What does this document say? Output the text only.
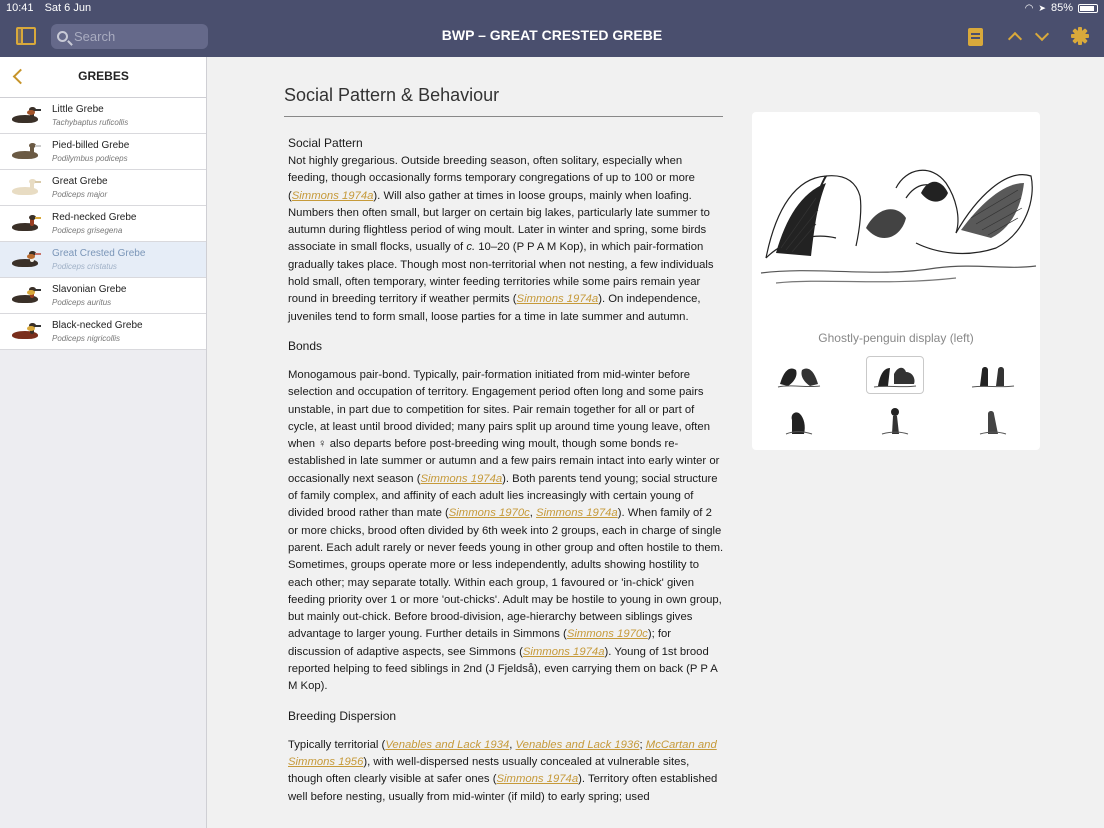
10:41 Sat 6 Jun	◠ ➤ 85%
Search
BWP – GREAT CRESTED GREBE
GREBES
Little Grebe
Tachybaptus ruficollis
Pied-billed Grebe
Podilymbus podiceps
Great Grebe
Podiceps major
Red-necked Grebe
Podiceps grisegena
Great Crested Grebe
Podiceps cristatus
Slavonian Grebe
Podiceps auritus
Black-necked Grebe
Podiceps nigricollis
Social Pattern & Behaviour
Social Pattern

Not highly gregarious. Outside breeding season, often solitary, especially when feeding, though occasionally forms temporary congregations of up to 100 or more (Simmons 1974a). Will also gather at times in loose groups, mainly when loafing. Numbers then often small, but larger on certain big lakes, particularly late summer to autumn during flightless period of wing moult. Later in winter and spring, some birds associate in small flocks, usually of c. 10–20 (P P A M Kop), in which pair-formation gradually takes place. Though most non-territorial when not nesting, a few individuals hold small, often temporary, winter feeding territories while some pairs remain year round in breeding territory if weather permits (Simmons 1974a). On independence, juveniles tend to form small, loose parties for a time in late summer and autumn.

Bonds

Monogamous pair-bond. Typically, pair-formation initiated from mid-winter before selection and occupation of territory. Engagement period often long and some pairs unstable, in part due to competition for sites. Pair remain together for all or part of cycle, at least until brood divided; many pairs split up around time young leave, often when ♀ also departs before post-breeding wing moult, though some bonds re-established in late summer or autumn and a few pairs remain intact into early winter or occasionally next season (Simmons 1974a). Both parents tend young; social structure of family complex, and affinity of each adult lies increasingly with certain young of divided brood rather than mate (Simmons 1970c, Simmons 1974a). When family of 2 or more chicks, brood often divided by 6th week into 2 groups, each in charge of single parent. Each adult rarely or never feeds young in other group and often hostile to them. Sometimes, groups operate more or less independently, adults showing hostility to each other; may separate totally. Within each group, 1 favoured or 'in-chick' given feeding priority over 1 or more 'out-chicks'. Adult may be hostile to young in own group, but mainly out-chick. Before brood-division, age-hierarchy between siblings gives advantage to larger young. Further details in Simmons (Simmons 1970c); for discussion of adaptive aspects, see Simmons (Simmons 1974a). Young of 1st brood reported helping to feed siblings in 2nd (J Fjeldså), even carrying them on back (P P A M Kop).

Breeding Dispersion

Typically territorial (Venables and Lack 1934, Venables and Lack 1936; McCartan and Simmons 1956), with well-dispersed nests usually concealed at vulnerable sites, though often clearly visible at safer ones (Simmons 1974a). Territory often established well before nesting, usually from mid-winter (if mild) to early spring; used

Ghostly-penguin display (left)
